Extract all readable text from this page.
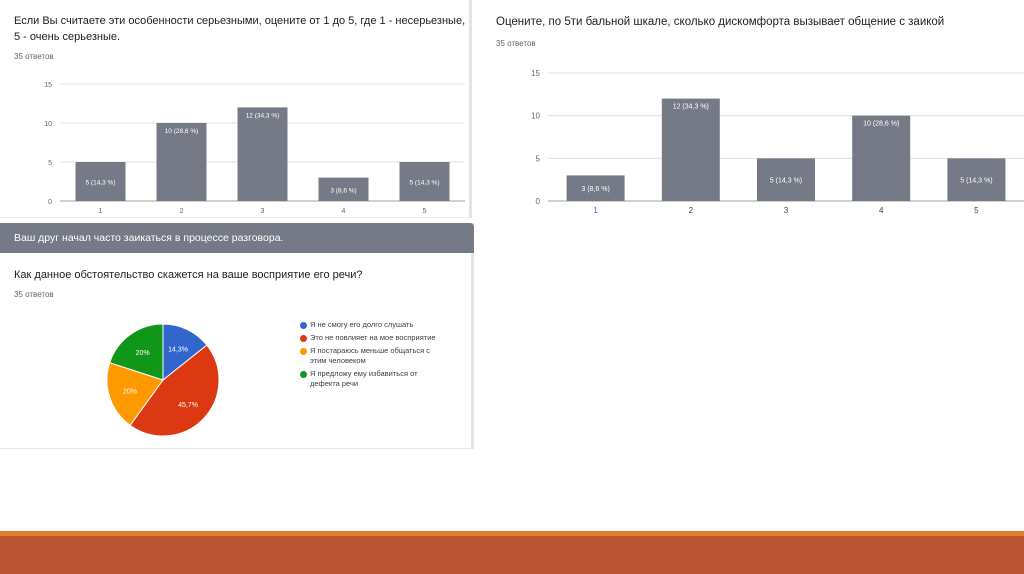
Если Вы считаете эти особенности серьезными, оцените от 1 до 5, где 1 - несерьезные,
5 - очень серьезные.
35 ответов
0
5
10
15
5 (14,3 %)
1
10 (28,6 %)
2
12 (34,3 %)
3
3 (8,6 %)
4
5 (14,3 %)
5
Оцените, по 5ти бальной шкале, сколько дискомфорта вызывает общение с заикой
35 ответов
0
5
10
15
3 (8,6 %)
1
12 (34,3 %)
2
5 (14,3 %)
3
10 (28,6 %)
4
5 (14,3 %)
5
Ваш друг начал часто заикаться в процессе разговора.
Как данное обстоятельство скажется на ваше восприятие его речи?
35 ответов
14,3%
45,7%
20%
20%
Я не смогу его долго слушать
Это не повлияет на мое восприятие
Я постараюсь меньше общаться с
этим человеком
Я предложу ему избавиться от
дефекта речи
